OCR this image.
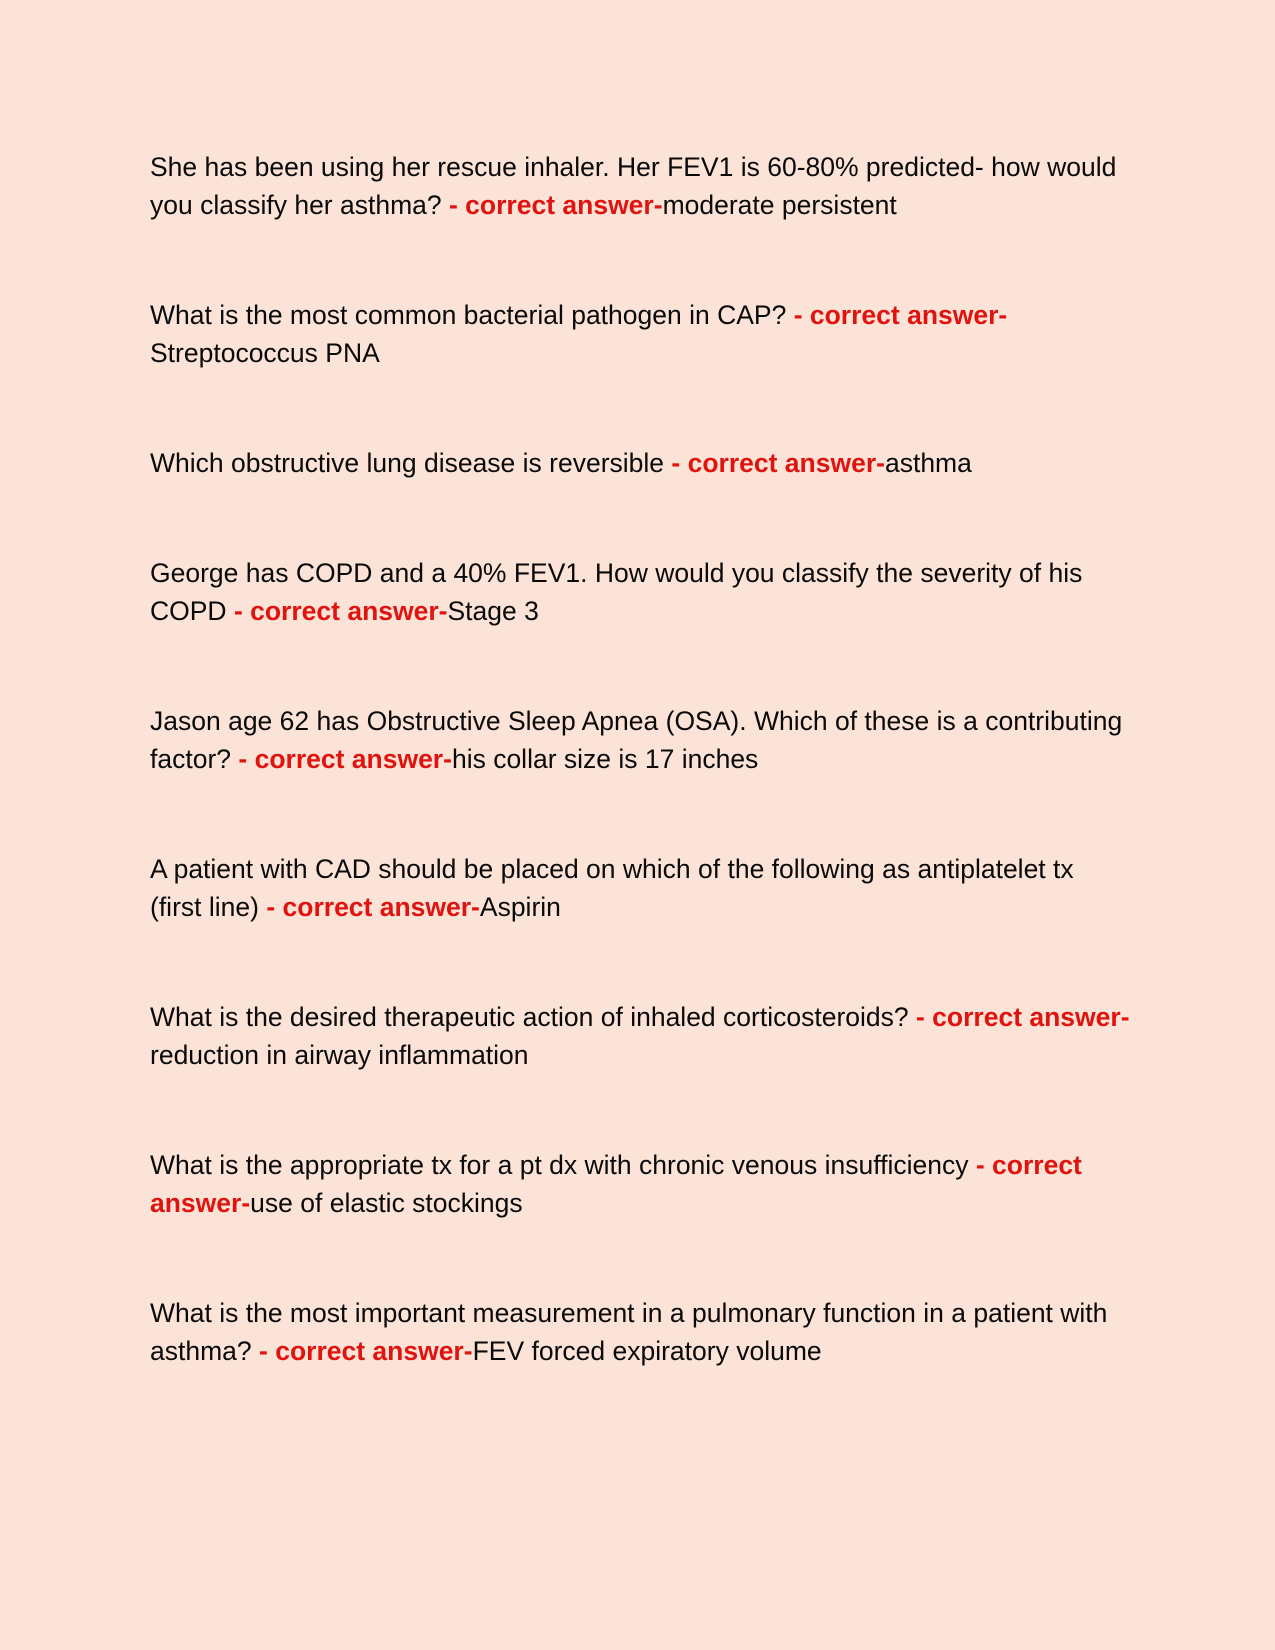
She has been using her rescue inhaler. Her FEV1 is 60-80% predicted- how would you classify her asthma? - correct answer-moderate persistent

What is the most common bacterial pathogen in CAP? - correct answer-
Streptococcus PNA

Which obstructive lung disease is reversible - correct answer-asthma

George has COPD and a 40% FEV1. How would you classify the severity of his COPD - correct answer-Stage 3

Jason age 62 has Obstructive Sleep Apnea (OSA). Which of these is a contributing factor? - correct answer-his collar size is 17 inches

A patient with CAD should be placed on which of the following as antiplatelet tx (first line) - correct answer-Aspirin

What is the desired therapeutic action of inhaled corticosteroids? - correct answer-reduction in airway inflammation

What is the appropriate tx for a pt dx with chronic venous insufficiency - correct answer-use of elastic stockings

What is the most important measurement in a pulmonary function in a patient with asthma? - correct answer-FEV forced expiratory volume
